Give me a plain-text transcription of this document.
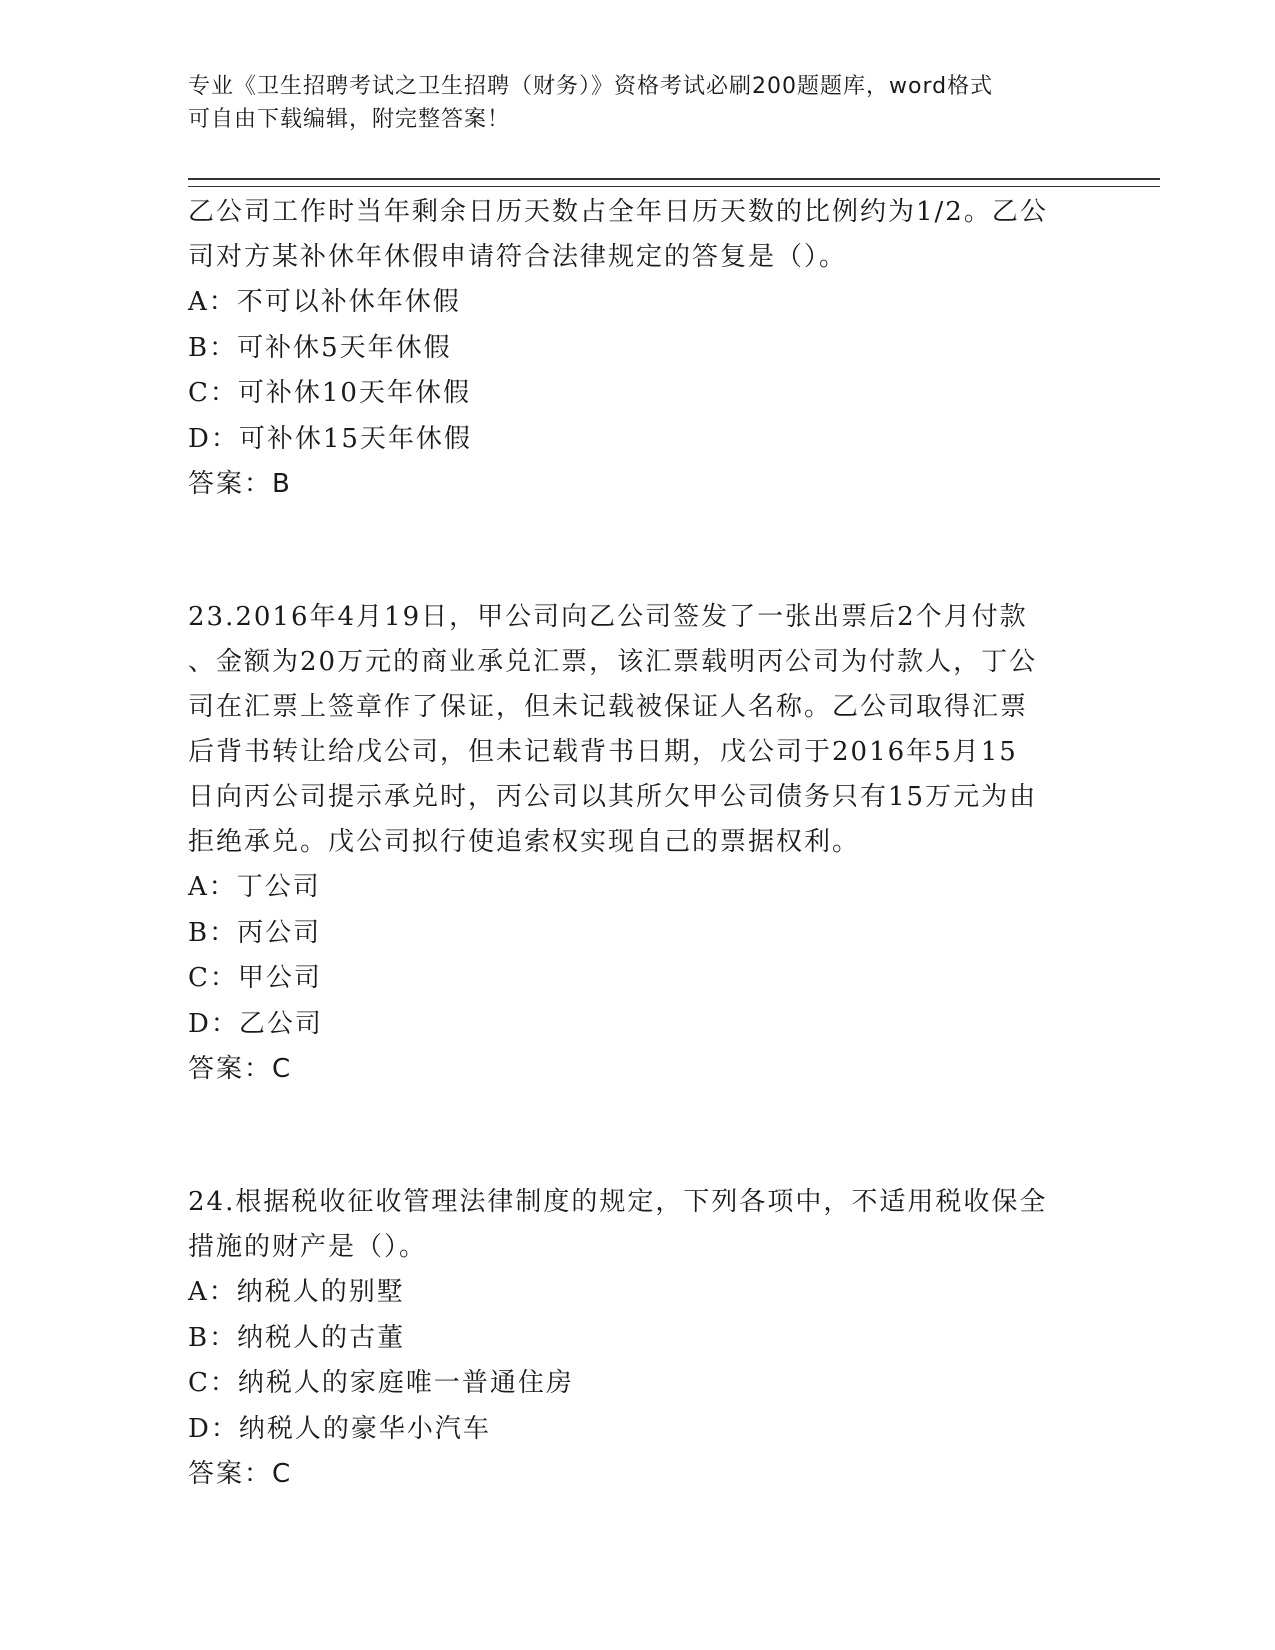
专业《卫生招聘考试之卫生招聘（财务）》资格考试必刷200题题库，word格式
可自由下载编辑，附完整答案！
乙公司工作时当年剩余日历天数占全年日历天数的比例约为1/2。乙公
司对方某补休年休假申请符合法律规定的答复是（）。
A：不可以补休年休假
B：可补休5天年休假
C：可补休10天年休假
D：可补休15天年休假
答案：B
23.2016年4月19日，甲公司向乙公司签发了一张出票后2个月付款
、金额为20万元的商业承兑汇票，该汇票载明丙公司为付款人，丁公
司在汇票上签章作了保证，但未记载被保证人名称。乙公司取得汇票
后背书转让给戊公司，但未记载背书日期，戊公司于2016年5月15
日向丙公司提示承兑时，丙公司以其所欠甲公司债务只有15万元为由
拒绝承兑。戊公司拟行使追索权实现自己的票据权利。
A：丁公司
B：丙公司
C：甲公司
D：乙公司
答案：C
24.根据税收征收管理法律制度的规定，下列各项中，不适用税收保全
措施的财产是（）。
A：纳税人的别墅
B：纳税人的古董
C：纳税人的家庭唯一普通住房
D：纳税人的豪华小汽车
答案：C
